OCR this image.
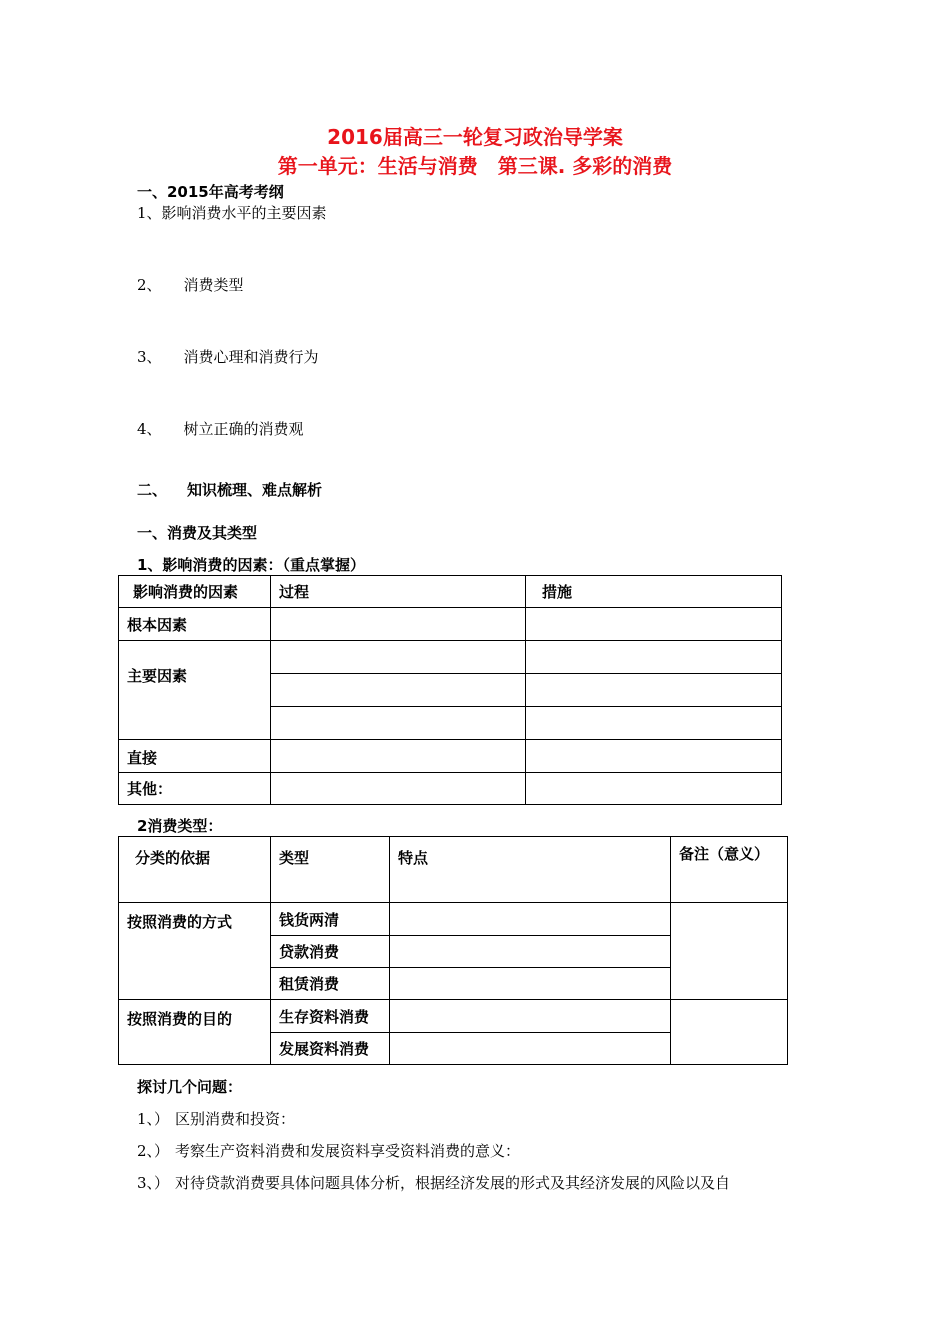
2016届高三一轮复习政治导学案
第一单元：生活与消费　第三课. 多彩的消费
一、2015年高考考纲
1、影响消费水平的主要因素
2、 消费类型
3、 消费心理和消费行为
4、 树立正确的消费观
二、 知识梳理、难点解析
一、消费及其类型
1、影响消费的因素：（重点掌握）
影响消费的因素	过程	措施
根本因素		
主要因素		

直接		
其他：		
2消费类型：
分类的依据	类型	特点	备注（意义）
按照消费的方式	钱货两清		
	贷款消费		
	租赁消费		
按照消费的目的	生存资料消费		
	发展资料消费		
探讨几个问题：
1、） 区别消费和投资：
2、） 考察生产资料消费和发展资料享受资料消费的意义：
3、） 对待贷款消费要具体问题具体分析，根据经济发展的形式及其经济发展的风险以及自
